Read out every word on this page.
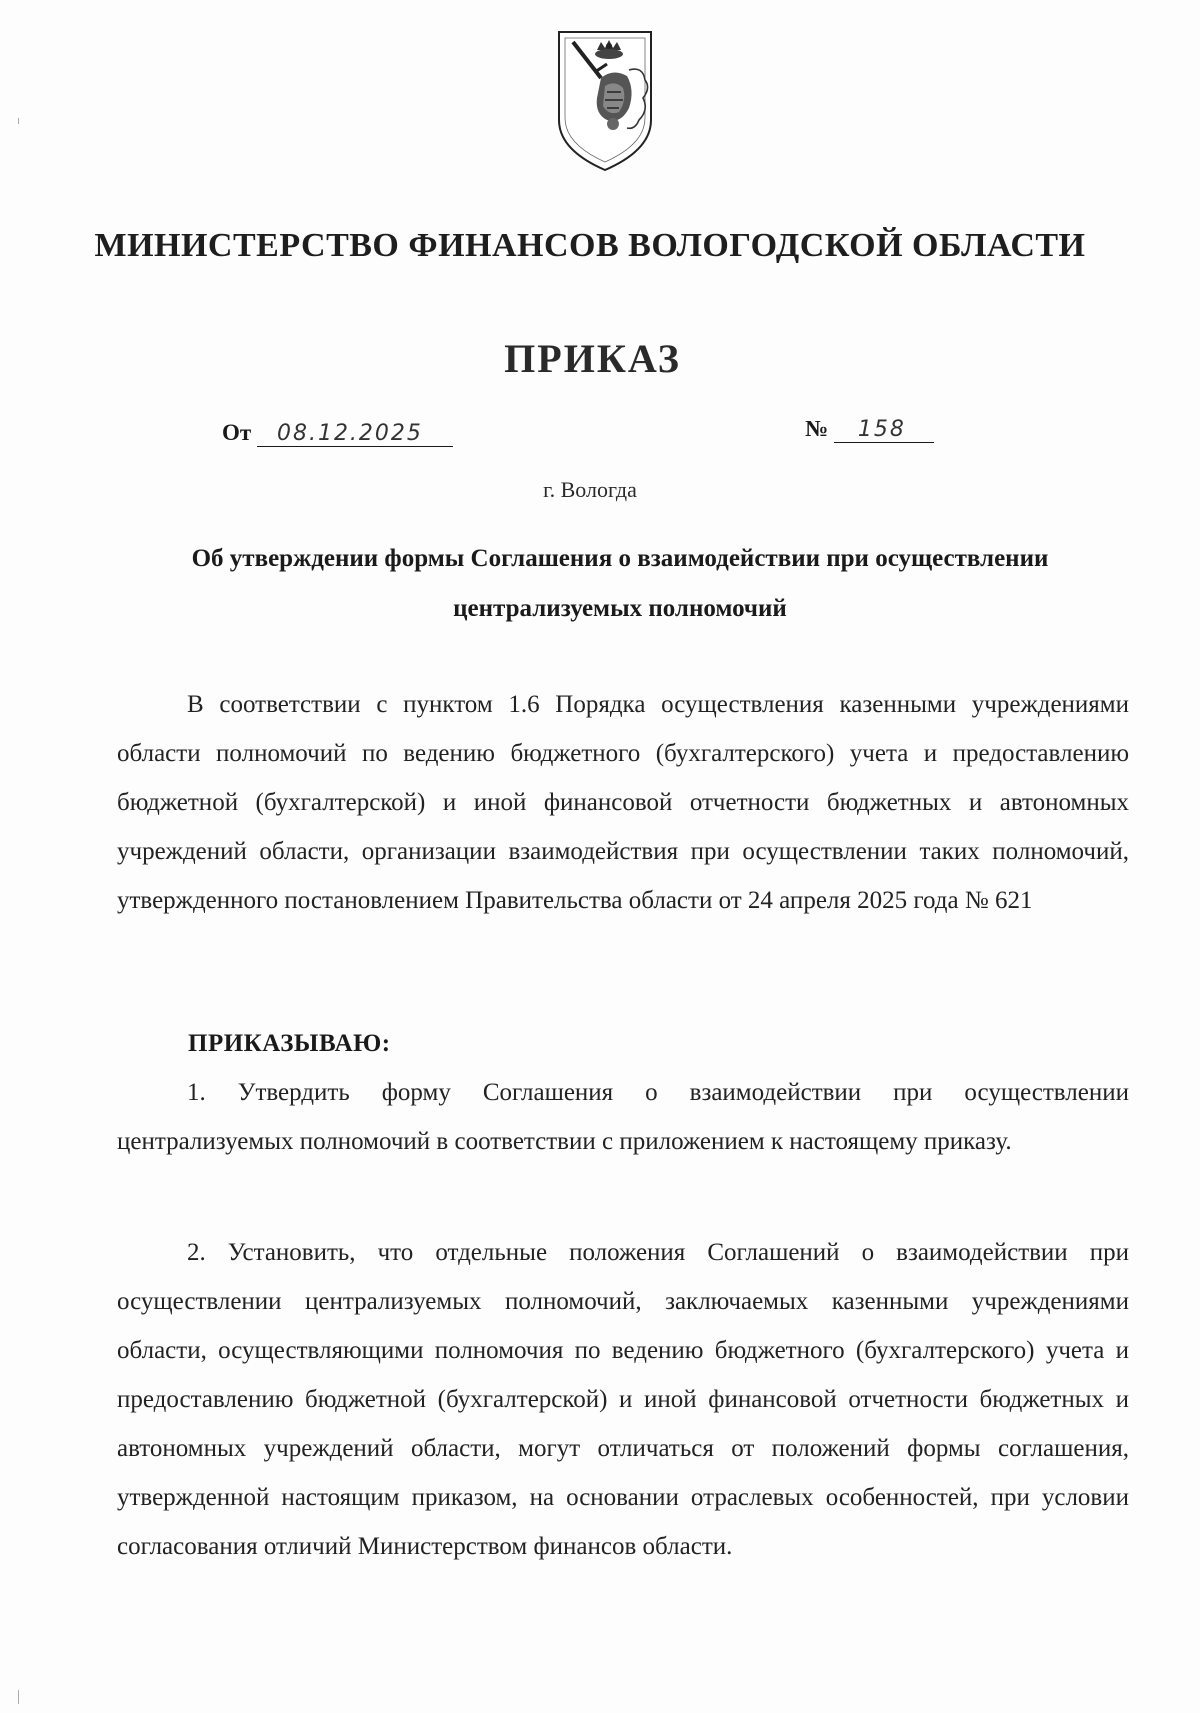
МИНИСТЕРСТВО ФИНАНСОВ ВОЛОГОДСКОЙ ОБЛАСТИ
ПРИКАЗ
От 08.12.2025	№ 158
г. Вологда
Об утверждении формы Соглашения о взаимодействии при осуществлении централизуемых полномочий
В соответствии с пунктом 1.6 Порядка осуществления казенными учреждениями области полномочий по ведению бюджетного (бухгалтерского) учета и предоставлению бюджетной (бухгалтерской) и иной финансовой отчетности бюджетных и автономных учреждений области, организации взаимодействия при осуществлении таких полномочий, утвержденного постановлением Правительства области от 24 апреля 2025 года № 621
ПРИКАЗЫВАЮ:
1. Утвердить форму Соглашения о взаимодействии при осуществлении централизуемых полномочий в соответствии с приложением к настоящему приказу.
2. Установить, что отдельные положения Соглашений о взаимодействии при осуществлении централизуемых полномочий, заключаемых казенными учреждениями области, осуществляющими полномочия по ведению бюджетного (бухгалтерского) учета и предоставлению бюджетной (бухгалтерской) и иной финансовой отчетности бюджетных и автономных учреждений области, могут отличаться от положений формы соглашения, утвержденной настоящим приказом, на основании отраслевых особенностей, при условии согласования отличий Министерством финансов области.
